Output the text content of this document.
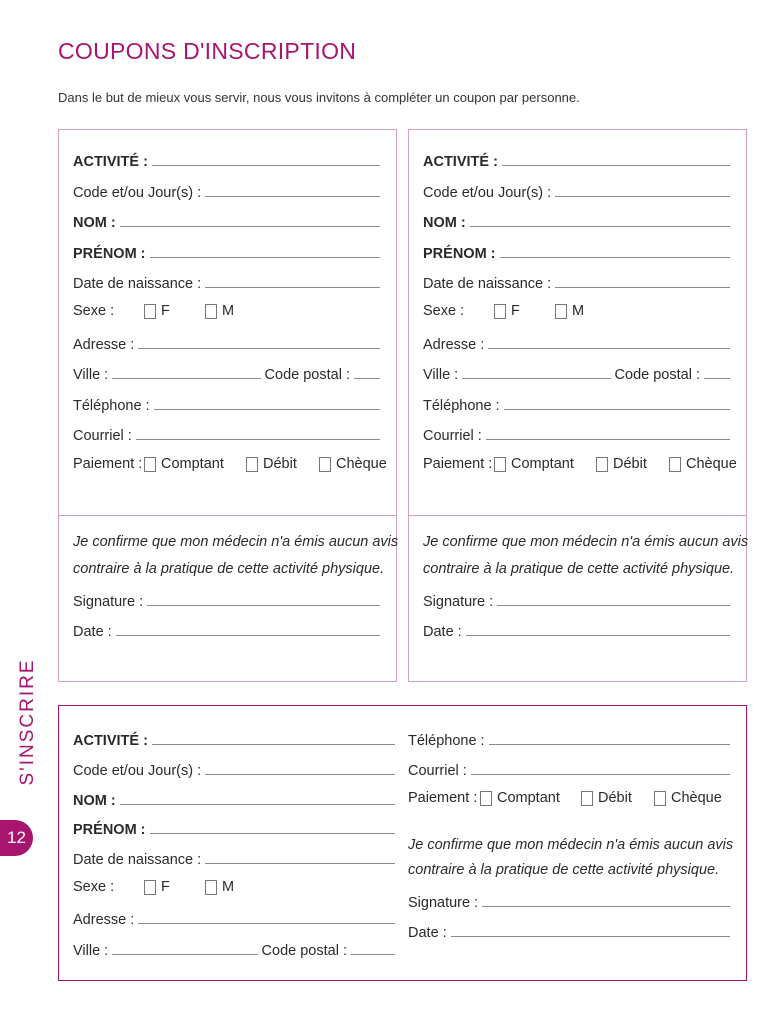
COUPONS D'INSCRIPTION
Dans le but de mieux vous servir, nous vous invitons à compléter un coupon par personne.
ACTIVITÉ :
Code et/ou Jour(s) :
NOM :
PRÉNOM :
Date de naissance :
Sexe :	F	M
Adresse :
Ville :	Code postal :
Téléphone :
Courriel :
Paiement : Comptant	Débit	Chèque
Je confirme que mon médecin n'a émis aucun avis
contraire à la pratique de cette activité physique.
Signature :
Date :
ACTIVITÉ :
Code et/ou Jour(s) :
NOM :
PRÉNOM :
Date de naissance :
Sexe :	F	M
Adresse :
Ville :	Code postal :
Téléphone :
Courriel :
Paiement : Comptant	Débit	Chèque
Je confirme que mon médecin n'a émis aucun avis
contraire à la pratique de cette activité physique.
Signature :
Date :
ACTIVITÉ :
Code et/ou Jour(s) :
NOM :
PRÉNOM :
Date de naissance :
Sexe :	F	M
Adresse :
Ville :	Code postal :
Téléphone :
Courriel :
Paiement : Comptant	Débit	Chèque
Je confirme que mon médecin n'a émis aucun avis
contraire à la pratique de cette activité physique.
Signature :
Date :
S'INSCRIRE
12
